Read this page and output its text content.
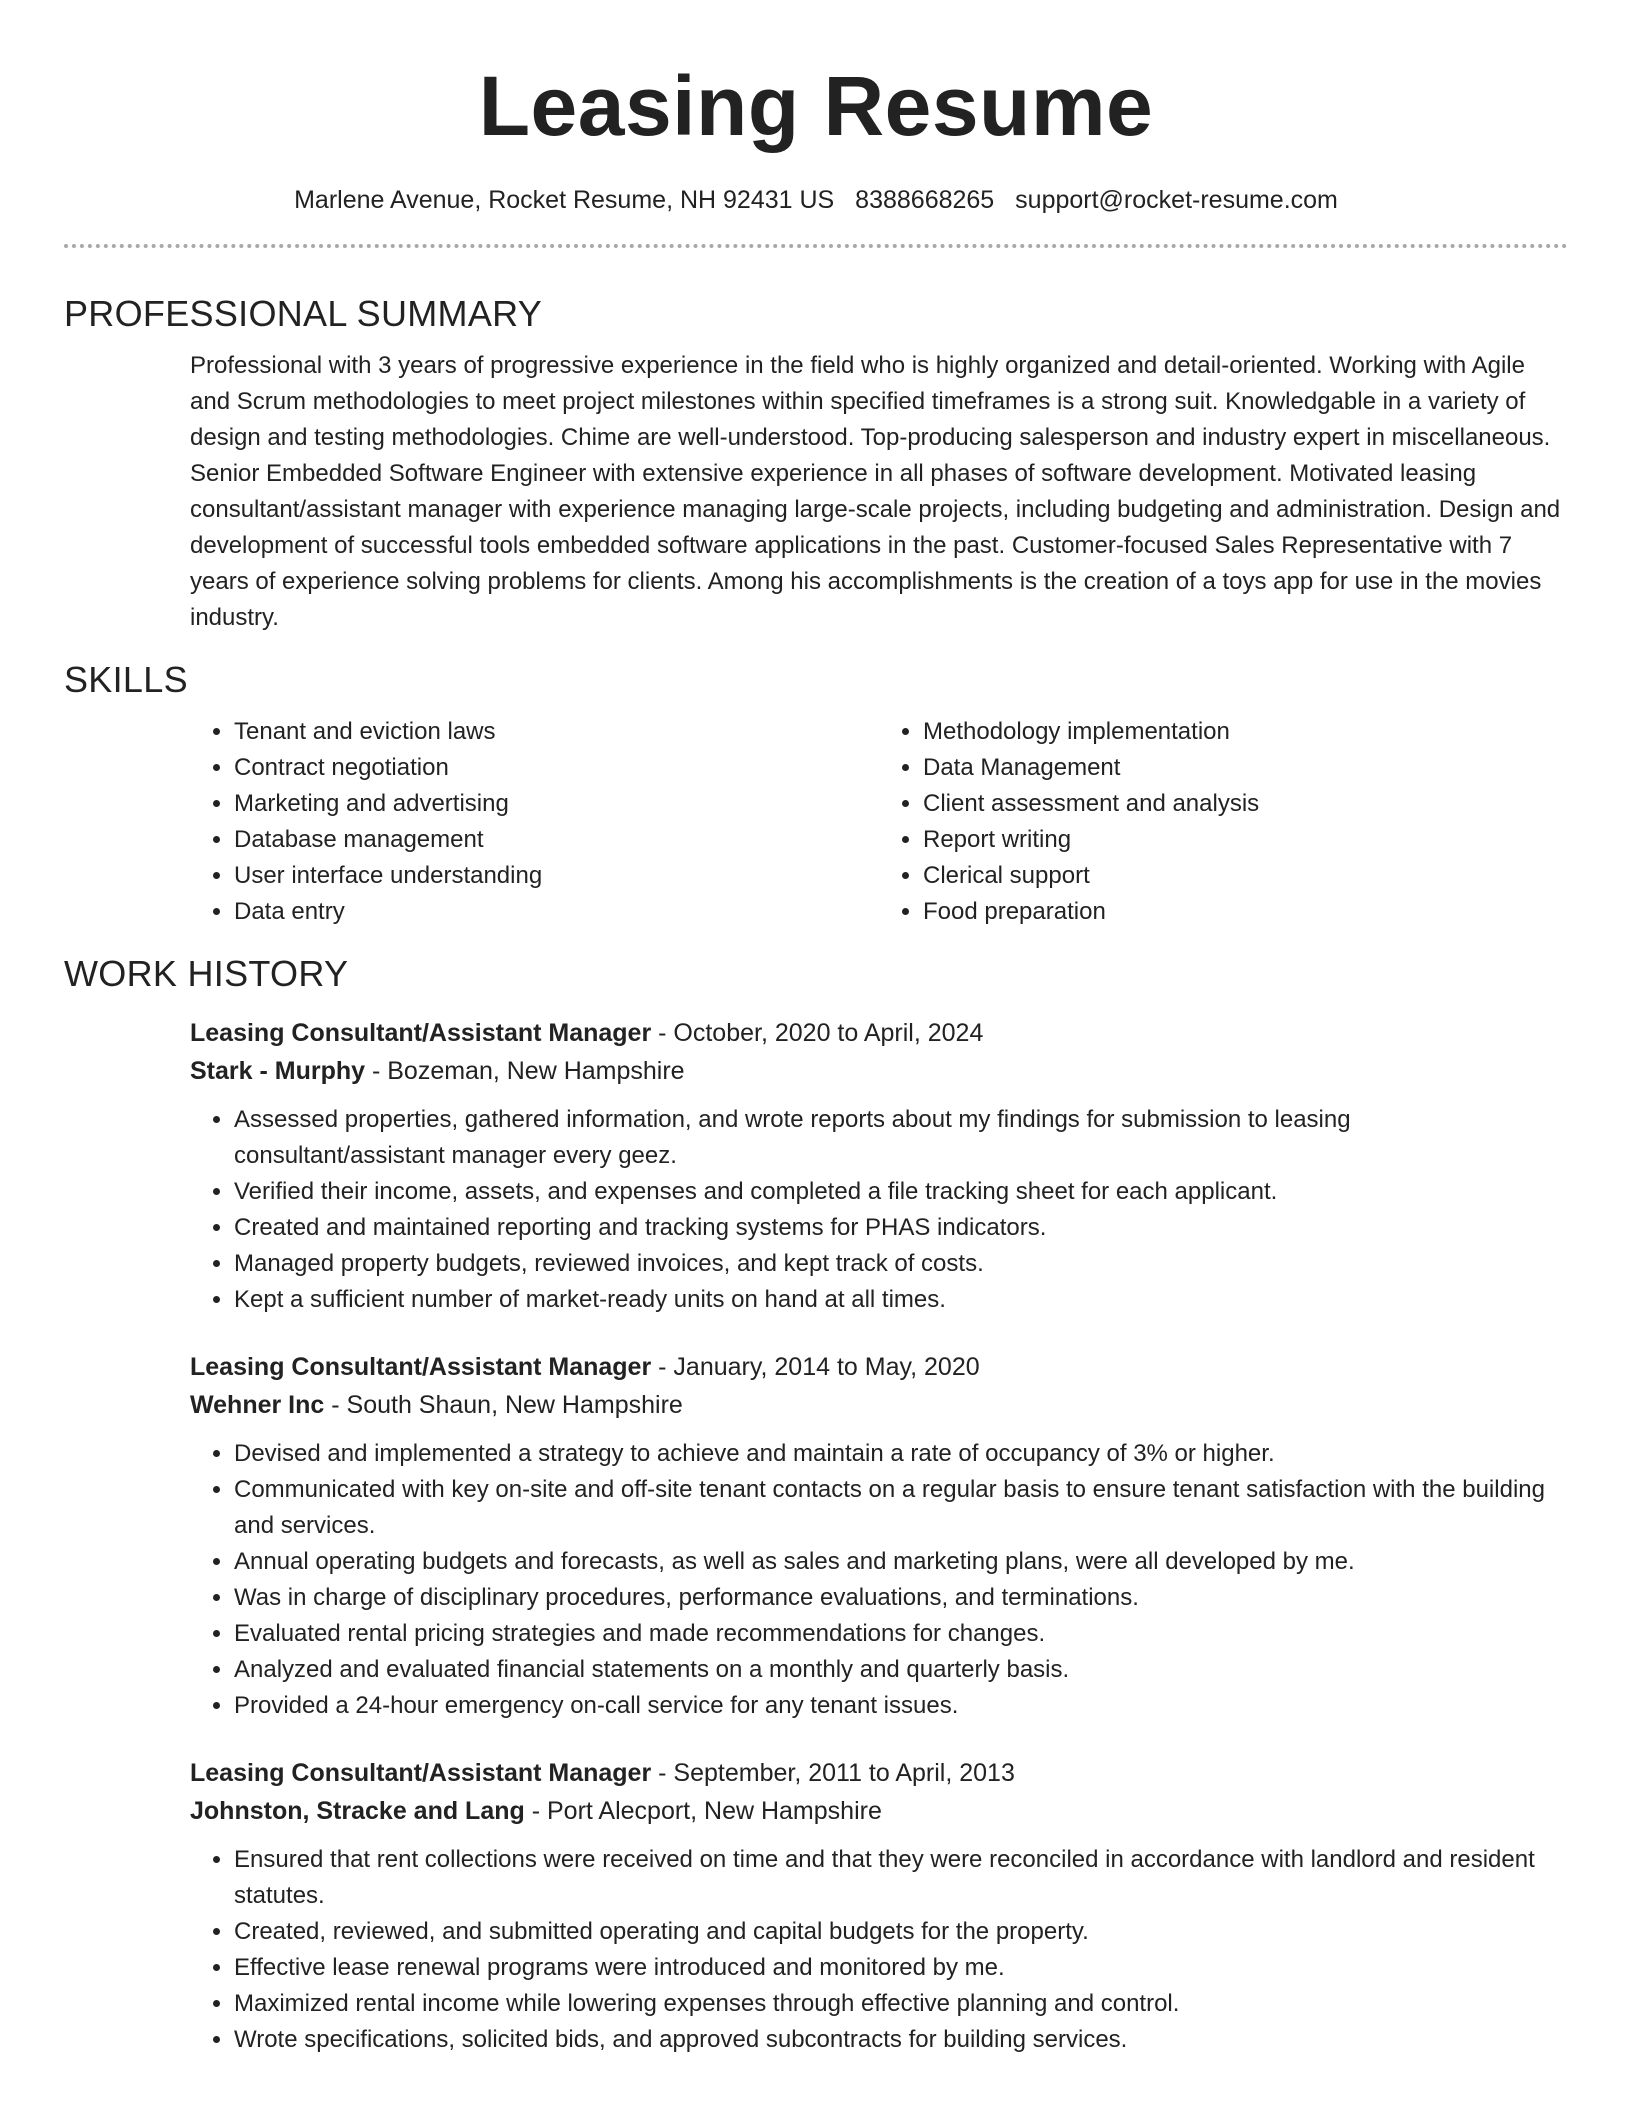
Leasing Resume
Marlene Avenue, Rocket Resume, NH 92431 US 8388668265 support@rocket-resume.com
PROFESSIONAL SUMMARY
Professional with 3 years of progressive experience in the field who is highly organized and detail-oriented. Working with Agile and Scrum methodologies to meet project milestones within specified timeframes is a strong suit. Knowledgable in a variety of design and testing methodologies. Chime are well-understood. Top-producing salesperson and industry expert in miscellaneous. Senior Embedded Software Engineer with extensive experience in all phases of software development. Motivated leasing consultant/assistant manager with experience managing large-scale projects, including budgeting and administration. Design and development of successful tools embedded software applications in the past. Customer-focused Sales Representative with 7 years of experience solving problems for clients. Among his accomplishments is the creation of a toys app for use in the movies industry.
SKILLS
• Tenant and eviction laws
• Contract negotiation
• Marketing and advertising
• Database management
• User interface understanding
• Data entry
• Methodology implementation
• Data Management
• Client assessment and analysis
• Report writing
• Clerical support
• Food preparation
WORK HISTORY
Leasing Consultant/Assistant Manager - October, 2020 to April, 2024
Stark - Murphy - Bozeman, New Hampshire
• Assessed properties, gathered information, and wrote reports about my findings for submission to leasing consultant/assistant manager every geez.
• Verified their income, assets, and expenses and completed a file tracking sheet for each applicant.
• Created and maintained reporting and tracking systems for PHAS indicators.
• Managed property budgets, reviewed invoices, and kept track of costs.
• Kept a sufficient number of market-ready units on hand at all times.
Leasing Consultant/Assistant Manager - January, 2014 to May, 2020
Wehner Inc - South Shaun, New Hampshire
• Devised and implemented a strategy to achieve and maintain a rate of occupancy of 3% or higher.
• Communicated with key on-site and off-site tenant contacts on a regular basis to ensure tenant satisfaction with the building and services.
• Annual operating budgets and forecasts, as well as sales and marketing plans, were all developed by me.
• Was in charge of disciplinary procedures, performance evaluations, and terminations.
• Evaluated rental pricing strategies and made recommendations for changes.
• Analyzed and evaluated financial statements on a monthly and quarterly basis.
• Provided a 24-hour emergency on-call service for any tenant issues.
Leasing Consultant/Assistant Manager - September, 2011 to April, 2013
Johnston, Stracke and Lang - Port Alecport, New Hampshire
• Ensured that rent collections were received on time and that they were reconciled in accordance with landlord and resident statutes.
• Created, reviewed, and submitted operating and capital budgets for the property.
• Effective lease renewal programs were introduced and monitored by me.
• Maximized rental income while lowering expenses through effective planning and control.
• Wrote specifications, solicited bids, and approved subcontracts for building services.
